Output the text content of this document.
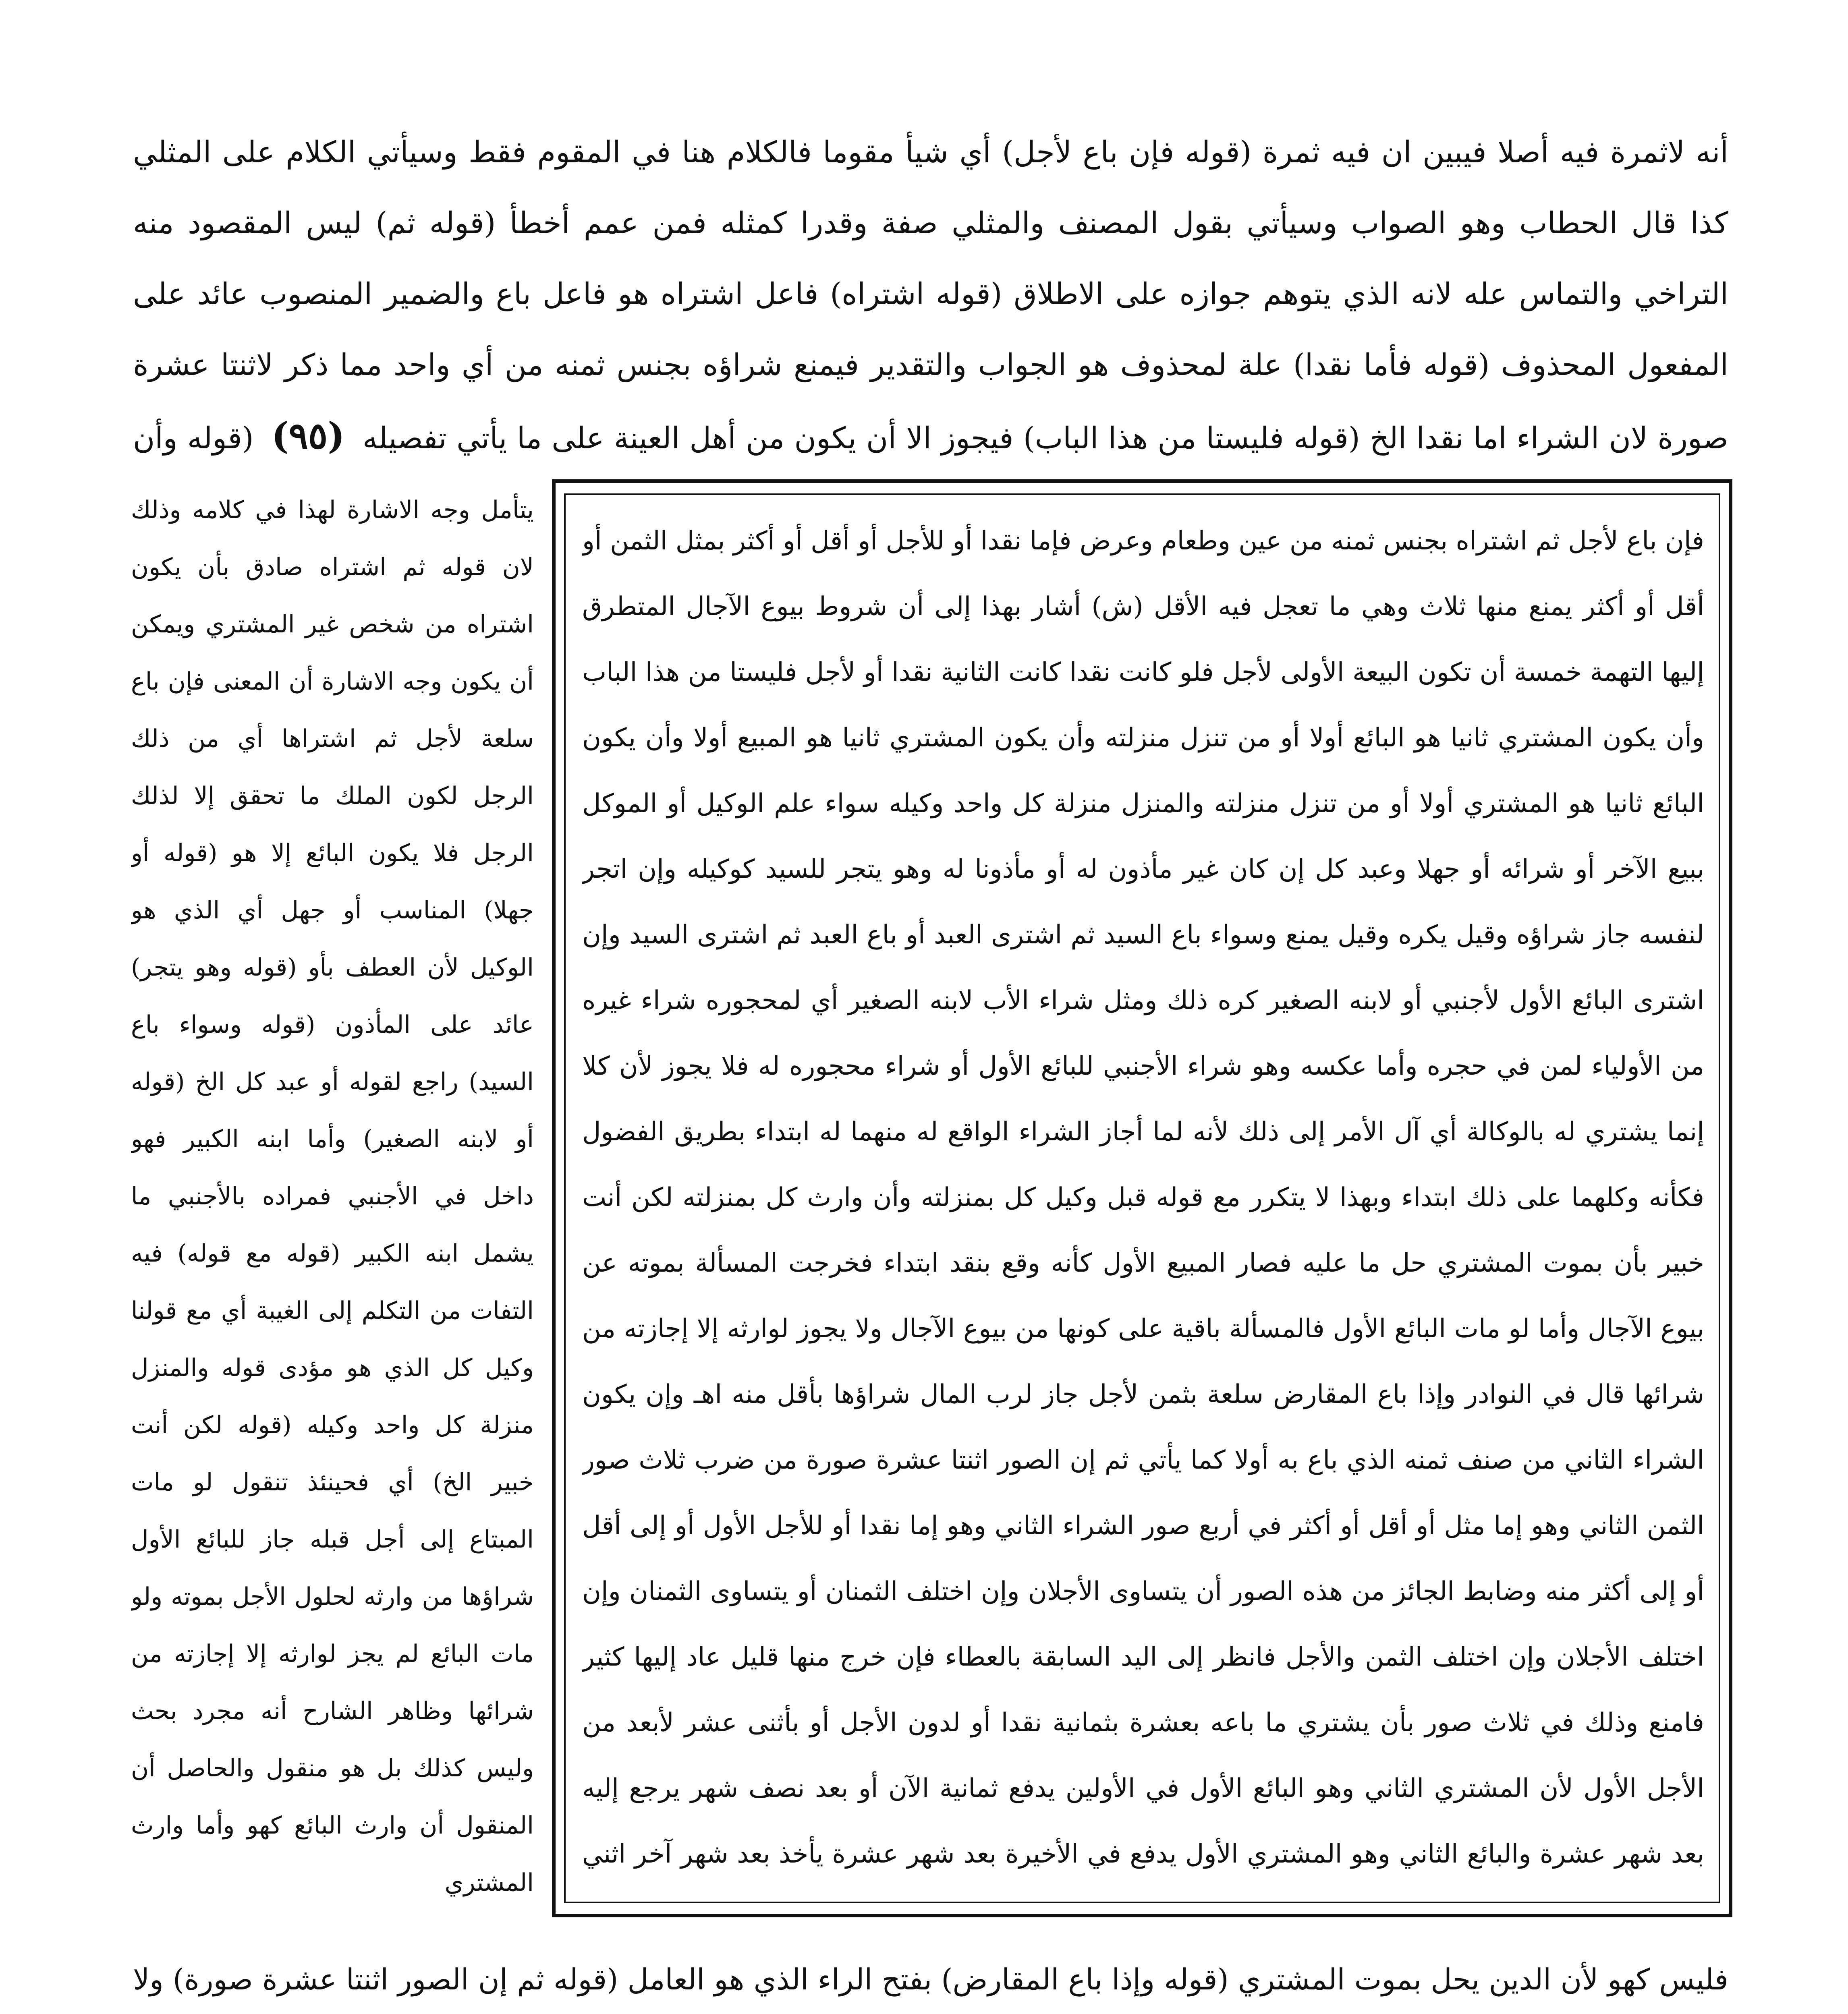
أنه لاثمرة فيه أصلا فيبين ان فيه ثمرة (قوله فإن باع لأجل) أي شيأ مقوما فالكلام هنا في المقوم فقط وسيأتي الكلام على المثلي كذا قال الحطاب وهو الصواب وسيأتي بقول المصنف والمثلي صفة وقدرا كمثله فمن عمم أخطأ (قوله ثم) ليس المقصود منه التراخي والتماس عله لانه الذي يتوهم جوازه على الاطلاق (قوله اشتراه) فاعل اشتراه هو فاعل باع والضمير المنصوب عائد على المفعول المحذوف (قوله فأما نقدا) علة لمحذوف هو الجواب والتقدير فيمنع شراؤه بجنس ثمنه من أي واحد مما ذكر لاثنتا عشرة صورة لان الشراء اما نقدا الخ (قوله فليستا من هذا الباب) فيجوز الا أن يكون من أهل العينة على ما يأتي تفصيله (٩٥) (قوله وأن
يتأمل وجه الاشارة لهذا في كلامه وذلك لان قوله ثم اشتراه صادق بأن يكون اشتراه من شخص غير المشتري ويمكن أن يكون وجه الاشارة أن المعنى فإن باع سلعة لأجل ثم اشتراها أي من ذلك الرجل لكون الملك ما تحقق إلا لذلك الرجل فلا يكون البائع إلا هو (قوله أو جهلا) المناسب أو جهل أي الذي هو الوكيل لأن العطف بأو (قوله وهو يتجر) عائد على المأذون (قوله وسواء باع السيد) راجع لقوله أو عبد كل الخ (قوله أو لابنه الصغير) وأما ابنه الكبير فهو داخل في الأجنبي فمراده بالأجنبي ما يشمل ابنه الكبير (قوله مع قوله) فيه التفات من التكلم إلى الغيبة أي مع قولنا وكيل كل الذي هو مؤدى قوله والمنزل منزلة كل واحد وكيله (قوله لكن أنت خبير الخ) أي فحينئذ تنقول لو مات المبتاع إلى أجل قبله جاز للبائع الأول شراؤها من وارثه لحلول الأجل بموته ولو مات البائع لم يجز لوارثه إلا إجازته من شرائها وظاهر الشارح أنه مجرد بحث وليس كذلك بل هو منقول والحاصل أن المنقول أن وارث البائع كهو وأما وارث المشتري
فإن باع لأجل ثم اشتراه بجنس ثمنه من عين وطعام وعرض فإما نقدا أو للأجل أو أقل أو أكثر بمثل الثمن أو أقل أو أكثر يمنع منها ثلاث وهي ما تعجل فيه الأقل (ش) أشار بهذا إلى أن شروط بيوع الآجال المتطرق إليها التهمة خمسة أن تكون البيعة الأولى لأجل فلو كانت نقدا كانت الثانية نقدا أو لأجل فليستا من هذا الباب وأن يكون المشتري ثانيا هو البائع أولا أو من تنزل منزلته وأن يكون المشتري ثانيا هو المبيع أولا وأن يكون البائع ثانيا هو المشتري أولا أو من تنزل منزلته والمنزل منزلة كل واحد وكيله سواء علم الوكيل أو الموكل ببيع الآخر أو شرائه أو جهلا وعبد كل إن كان غير مأذون له أو مأذونا له وهو يتجر للسيد كوكيله وإن اتجر لنفسه جاز شراؤه وقيل يكره وقيل يمنع وسواء باع السيد ثم اشترى العبد أو باع العبد ثم اشترى السيد وإن اشترى البائع الأول لأجنبي أو لابنه الصغير كره ذلك ومثل شراء الأب لابنه الصغير أي لمحجوره شراء غيره من الأولياء لمن في حجره وأما عكسه وهو شراء الأجنبي للبائع الأول أو شراء محجوره له فلا يجوز لأن كلا إنما يشتري له بالوكالة أي آل الأمر إلى ذلك لأنه لما أجاز الشراء الواقع له منهما له ابتداء بطريق الفضول فكأنه وكلهما على ذلك ابتداء وبهذا لا يتكرر مع قوله قبل وكيل كل بمنزلته وأن وارث كل بمنزلته لكن أنت خبير بأن بموت المشتري حل ما عليه فصار المبيع الأول كأنه وقع بنقد ابتداء فخرجت المسألة بموته عن بيوع الآجال وأما لو مات البائع الأول فالمسألة باقية على كونها من بيوع الآجال ولا يجوز لوارثه إلا إجازته من شرائها قال في النوادر وإذا باع المقارض سلعة بثمن لأجل جاز لرب المال شراؤها بأقل منه اهـ وإن يكون الشراء الثاني من صنف ثمنه الذي باع به أولا كما يأتي ثم إن الصور اثنتا عشرة صورة من ضرب ثلاث صور الثمن الثاني وهو إما مثل أو أقل أو أكثر في أربع صور الشراء الثاني وهو إما نقدا أو للأجل الأول أو إلى أقل أو إلى أكثر منه وضابط الجائز من هذه الصور أن يتساوى الأجلان وإن اختلف الثمنان أو يتساوى الثمنان وإن اختلف الأجلان وإن اختلف الثمن والأجل فانظر إلى اليد السابقة بالعطاء فإن خرج منها قليل عاد إليها كثير فامنع وذلك في ثلاث صور بأن يشتري ما باعه بعشرة بثمانية نقدا أو لدون الأجل أو بأثنى عشر لأبعد من الأجل الأول لأن المشتري الثاني وهو البائع الأول في الأولين يدفع ثمانية الآن أو بعد نصف شهر يرجع إليه بعد شهر عشرة والبائع الثاني وهو المشتري الأول يدفع في الأخيرة بعد شهر عشرة يأخذ بعد شهر آخر اثني
فليس كهو لأن الدين يحل بموت المشتري (قوله وإذا باع المقارض) بفتح الراء الذي هو العامل (قوله ثم إن الصور اثنتا عشرة صورة) ولا
